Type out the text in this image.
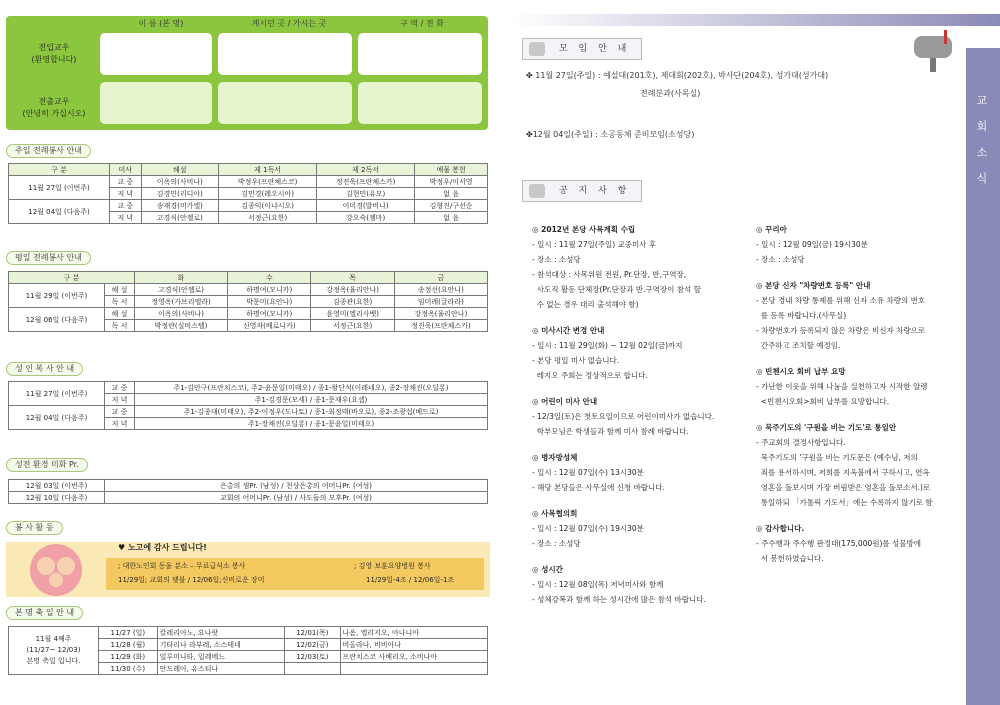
이 름 (본 명)	계시던 곳 / 가시는 곳	구 역 / 전 화
전입교우
(환영합니다)
전출교우
(안녕히 가십시오)
주일 전례봉사 안내
구 분	미사	해설	제 1독서	제 2독서	예물 봉헌
11월 27일 (이번주)	교 중	이옥의(사비나)	박정우(프란체스코)	정진욱(프란체스카)	박정우/이서영
	저 녁	김경민(리디아)	김민경(레오시아)	김현민(유모)	없 음
12월 04일 (다음주)	교 중	송재경(미가엘)	김종익(이냐시오)	이미경(발비나)	김형진/구선순
	저 녁	고경식(안젤로)	서정근(요한)	강오숙(젬마)	없 음
평일 전례봉사 안내
구 분		화	수	목	금
11월 29일 (이번주)	해 설	고경식(안젤로)	하명여(모니카)	강정옥(율리안나)	송정선(요안나)
	독 서	정영옥(가브리엘라)	박문미(요안나)	김종관(요한)	임미례(글라라)
12월 06일 (다음주)	해 설	이옥의(사비나)	하명여(모니카)	윤영미(엘리사벳)	강정옥(율리안나)
	독 서	박정란(실비스텔)	신영자(베로니카)	서정근(요한)	정진욱(프란체스카)
성 인 복 사 안 내
11월 27일 (이번주)	교 중	주1-김안구(프란치스코), 주2-윤문일(미태오) / 종1-왕단석(이레네오), 종2-장채진(오딜롱)
	저 녁	주1-김경문(모세) / 종1-문재우(요셉)
12월 04일 (다음주)	교 중	주1-김종대(미태오), 주2-이정우(도나토) / 종1-최정태(바오로), 종2-조광섭(베드로)
	저 녁	주1-장채진(오딜롱) / 종1-문윤일(미태오)
성전 환경 미화 Pr.
12월 03일 (이번주)	은총의 샘Pr. (남성) / 천상은총의 어머니Pr. (여성)
12월 10일 (다음주)	교회의 어머니Pr. (남성) / 사도들의 모후Pr. (여성)
봉 사 활 동
♥ 노고에 감사 드립니다!
; 대한노인회 동울 분소 – 무료급식소 봉사
11/29일; 교회의 탯불 / 12/06일;신비로운 장미
; 김영 보훈요양병원 봉사
11/29일-4조 / 12/06일-1조
본 명 축 일 안 내
11월 4째주
(11/27~ 12/03)
본명 축일 입니다.	11/27 (일)	칼레리아노, 요나랏	12/01(목)	나옴, 엘리지오, 아나니아
	11/28 (월)	기타리나 라부레, 소스테네	12/02(금)	비올라나, 비비아나
	11/29 (화)	일루미나타, 일레메느	12/03(토)	프란치스코 사베리오, 소비나아
	11/30 (수)	안드레아, 유스티나		
교회소식
모 임 안 내
✤ 11월 27일(주일) : 예설대(201호), 제대회(202호), 박사단(204호), 성가대(성가대)
전례분과(사목실)
✤12월 04일(주일) : 소공동체 준비모임(소성당)
공 지 사 항
◎ 2012년 본당 사목계획 수립
- 일시 : 11월 27일(주일) 교중미사 후
- 장소 : 소성당
- 참석대상 : 사목위원 전원, Pr.단장, 반,구역장,
사도직 활동 단체장(Pr.단장과 반.구역장이 참석 할
수 없는 경우 대리 출석해야 함)
◎ 미사시간 변경 안내
- 일시 : 11월 29일(화) ~ 12월 02일(금)까지
- 본당 평일 미사 없습니다.
레지오 주회는 정상적으로 합니다.
◎ 어린이 미사 안내
- 12/3일(토)은 첫토요일이므로 어린이미사가 없습니다.
학부모님은 학생들과 함께 미사 참례 바랍니다.
◎ 병자방성체
- 일시 : 12월 07일(수) 13시30분
- 해당 본당들은 사무실에 신청 바랍니다.
◎ 사목협의회
- 일시 : 12월 07일(수) 19시30분
- 장소 : 소성당
◎ 성시간
- 일시 : 12월 08일(목) 저녁미사와 함께
- 성체강복과 함께 하는 성시간에 많은 참석 바랍니다.
◎ 꾸리아
- 일시 : 12월 09일(금) 19시30분
- 장소 : 소성당
◎ 본당 신자 "차량번호 등록" 안내
- 본당 경내 차량 통제를 위해 신자 소유 차량의 번호
를 등록 바랍니다.(사무실)
- 차량번호가 등록되지 않은 차량은 비신자 차량으로
간주하고 조치할 예정임.
◎ 빈첸시오 회비 납부 요망
- 가난한 이웃을 위해 나눔을 실천하고자 시작한 알렝
<빈첸시오회>회비 납부를 요망합니다.
◎ 묵주기도의 '구원을 비는 기도'로 통일안
- 주교회의 결정사항입니다.
묵주기도의 '구원을 비는 기도문은 (예수님, 저의
죄를 용서하시며, 저희를 지옥불에서 구하시고, 연옥
영혼을 돌보시며 가장 버림받은 영혼을 돌보소서.)로
통일하되 「가톨릭 기도서」에는 수록하지 않기로 함
◎ 감사합니다.
- 주수행과 주수행 판정대(175,000원)를 성물방에
서 봉헌하였습니다.
